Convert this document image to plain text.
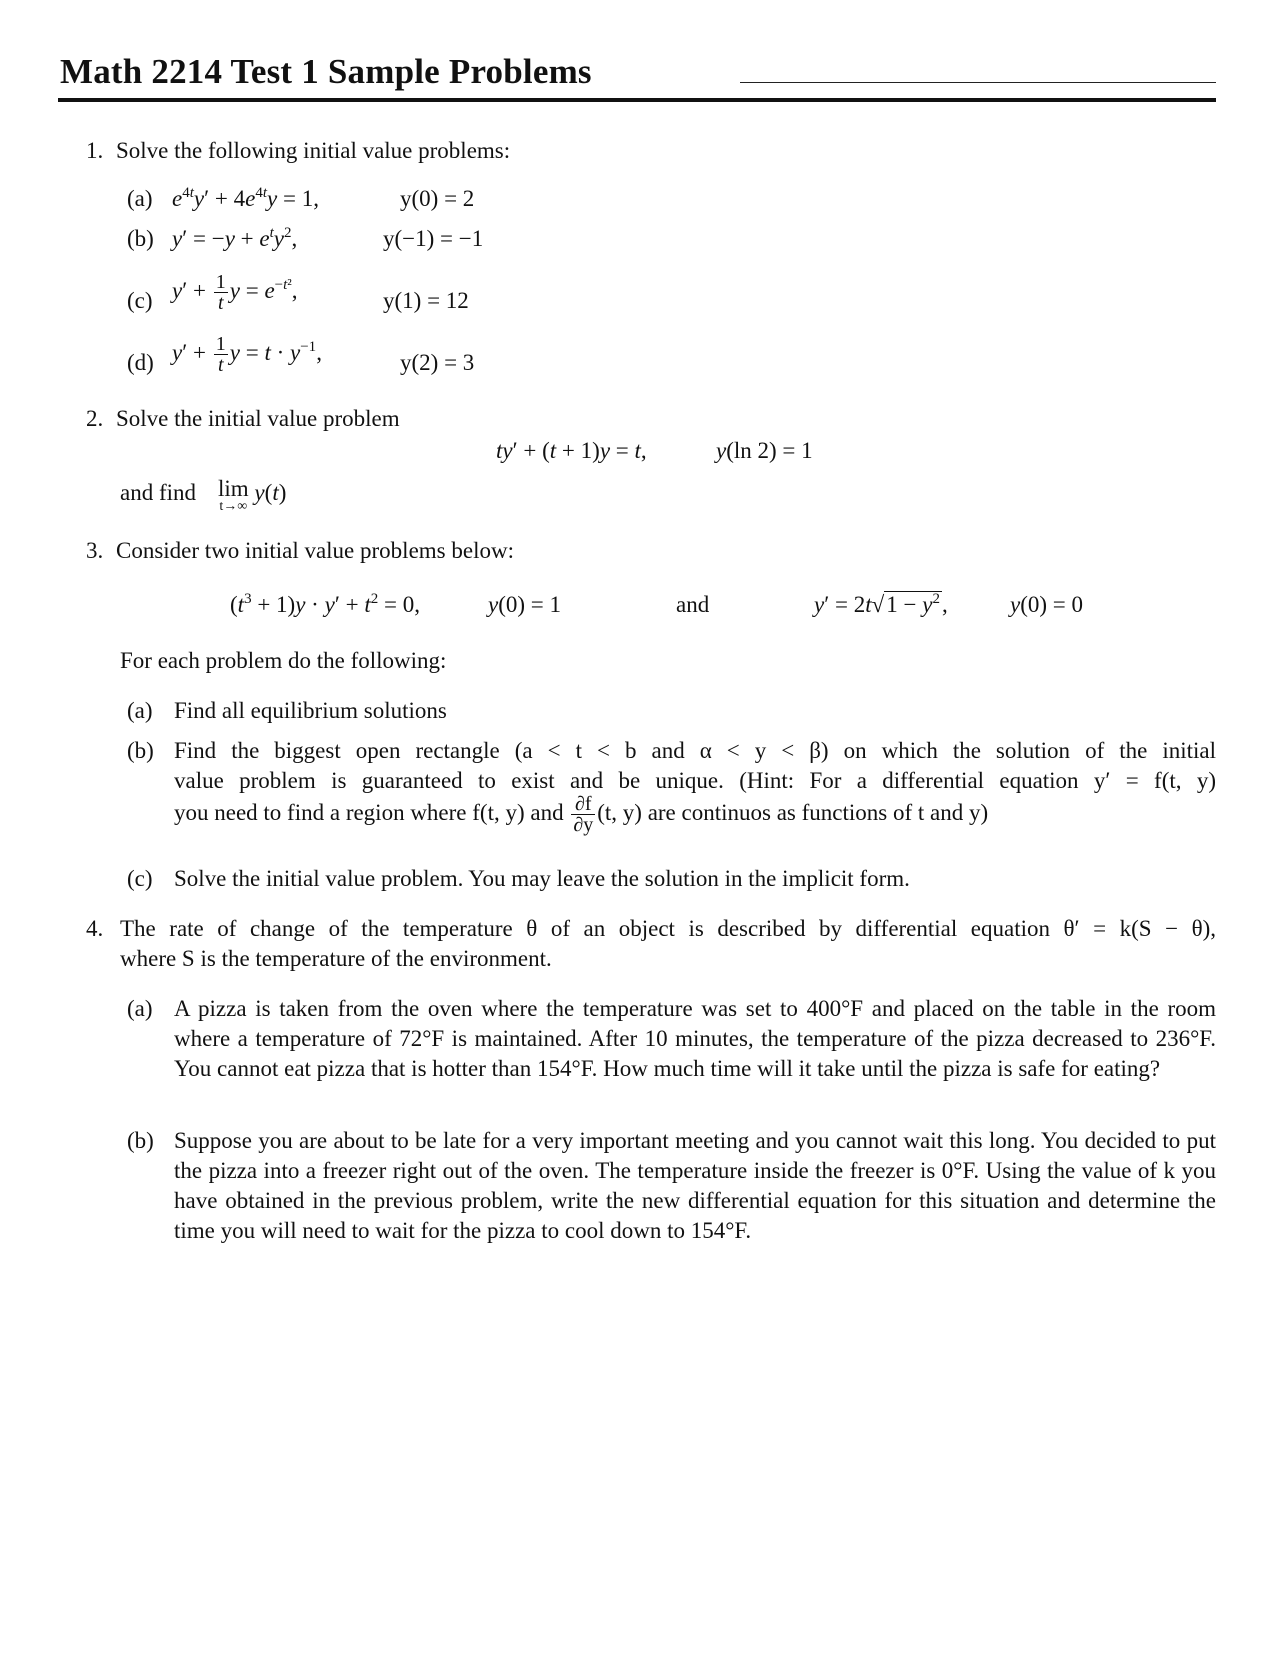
Math 2214 Test 1 Sample Problems
1. Solve the following initial value problems:
(a) $e^{4t}y' + 4e^{4t}y = 1$,	y(0) = 2
(b) $y' = -y + e^ty^2$,	y(−1) = −1
(c) $y' + \frac{1}{t}$ $y = e^{-t^2}$,	y(1) = 12
(d) $y' + \frac{1}{t}$ $y = t \cdot y^{-1}$,	y(2) = 3
2. Solve the initial value problem
ty′ + (t + 1)y = t,	y(ln 2) = 1
and find lim
t→∞
y(t)
3. Consider two initial value problems below:
$(t^3 + 1)y \cdot y' + t^2 = 0$,	y(0) = 1	and	$y' = 2t√1 - y^2$,	y(0) = 0
For each problem do the following:
(a) Find all equilibrium solutions
(b) Find the biggest open rectangle (a < t < b and α < y < β) on which the solution of the initial
value problem is guaranteed to exist and be unique. (Hint: For a differential equation y′ = f(t, y)
you need to find a region where f(t, y) and $\frac{\partial f}{\partial y} (t$, y) are continuos as functions of t and y)
(c) Solve the initial value problem. You may leave the solution in the implicit form.
4. The rate of change of the temperature θ of an object is described by differential equation θ′ = k(S − θ),
where S is the temperature of the environment.
(a) A pizza is taken from the oven where the temperature was set to 400°F and placed on the table in the room where a temperature of 72°F is maintained. After 10 minutes, the temperature of the pizza decreased to 236°F. You cannot eat pizza that is hotter than 154°F. How much time will it take until the pizza is safe for eating?
(b) Suppose you are about to be late for a very important meeting and you cannot wait this long. You decided to put the pizza into a freezer right out of the oven. The temperature inside the freezer is 0°F. Using the value of k you have obtained in the previous problem, write the new differential equation for this situation and determine the time you will need to wait for the pizza to cool down to 154°F.
